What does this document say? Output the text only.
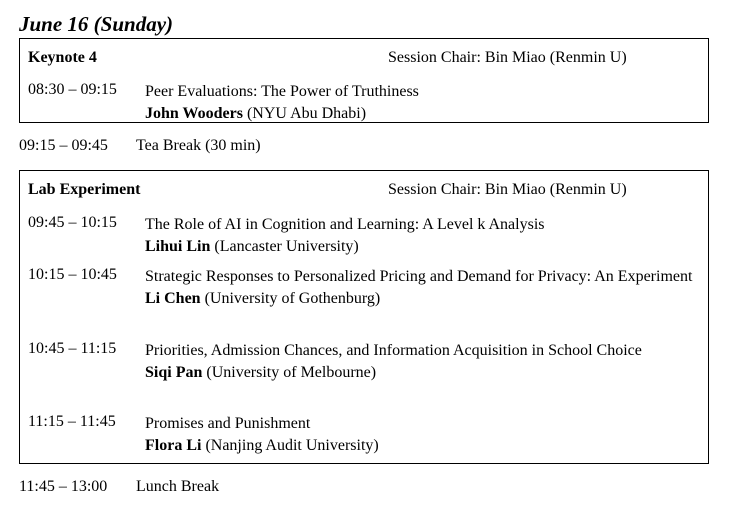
June 16 (Sunday)
Keynote 4	Session Chair: Bin Miao (Renmin U)
08:30 – 09:15 Peer Evaluations: The Power of Truthiness
John Wooders (NYU Abu Dhabi)
09:15 – 09:45 Tea Break (30 min)
Lab Experiment	Session Chair: Bin Miao (Renmin U)
09:45 – 10:15 The Role of AI in Cognition and Learning: A Level k Analysis
Lihui Lin (Lancaster University)
10:15 – 10:45 Strategic Responses to Personalized Pricing and Demand for Privacy: An Experiment
Li Chen (University of Gothenburg)
10:45 – 11:15 Priorities, Admission Chances, and Information Acquisition in School Choice
Siqi Pan (University of Melbourne)
11:15 – 11:45 Promises and Punishment
Flora Li (Nanjing Audit University)
11:45 – 13:00 Lunch Break
